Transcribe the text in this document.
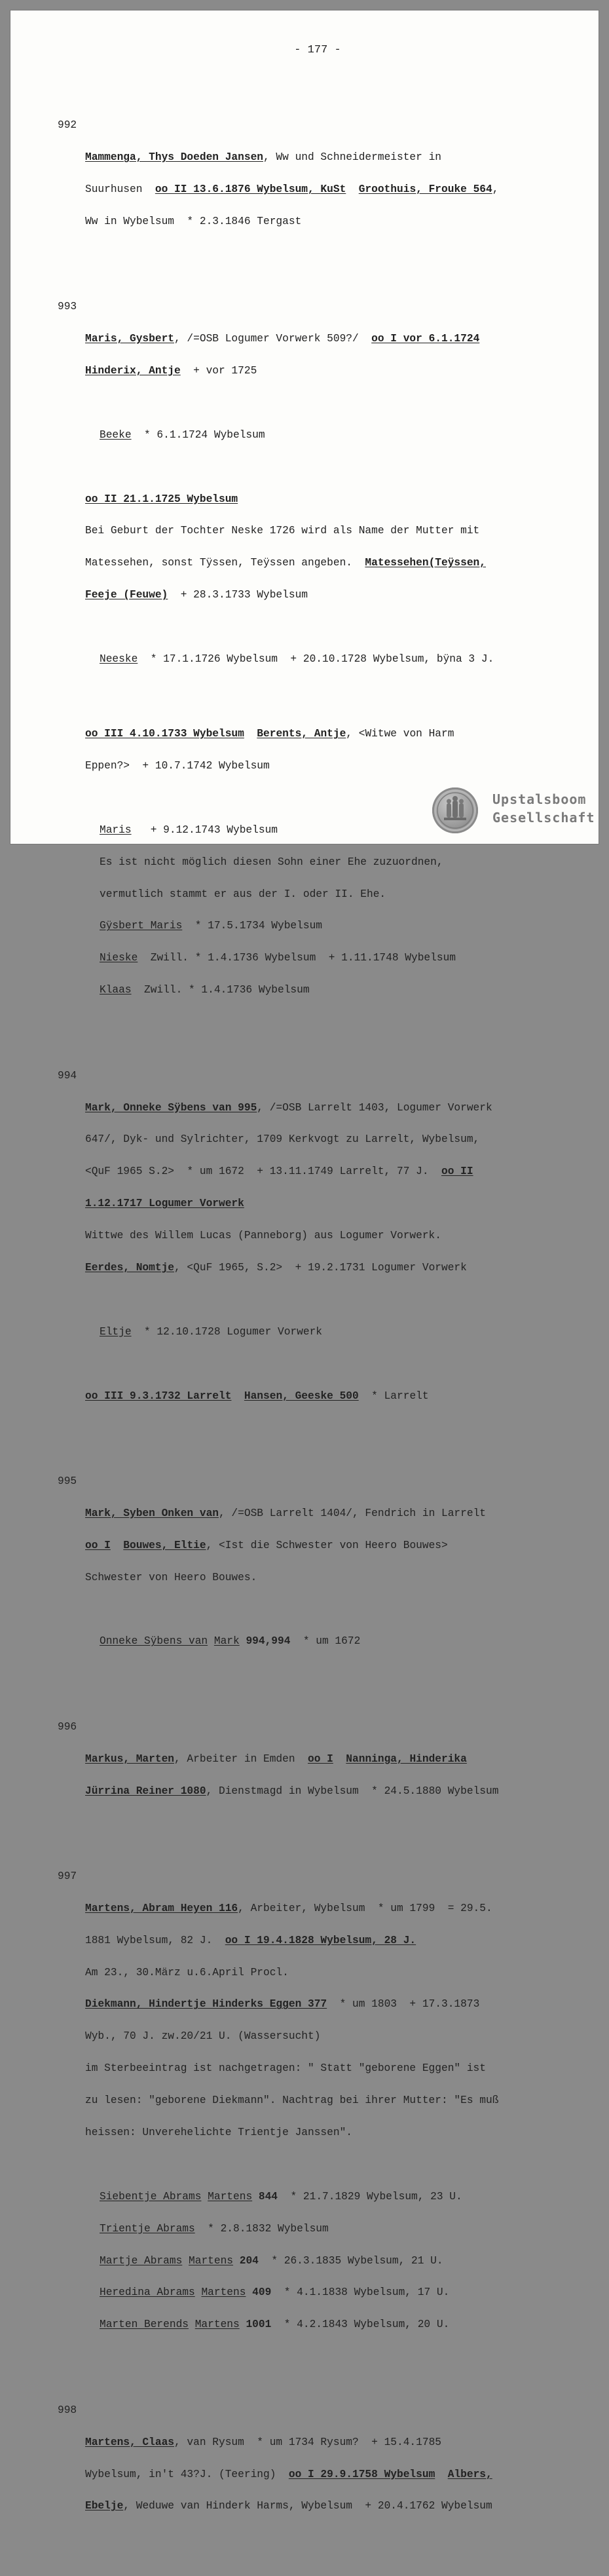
- 177 -

992

Mammenga, Thys Doeden Jansen, Ww und Schneidermeister in

Suurhusen  oo II 13.6.1876 Wybelsum, KuSt Groothuis, Frouke 564,

Ww in Wybelsum  * 2.3.1846 Tergast

993

Maris, Gysbert, /=OSB Logumer Vorwerk 509?/  oo I vor 6.1.1724

Hinderix, Antje  + vor 1725

Beeke  * 6.1.1724 Wybelsum

oo II 21.1.1725 Wybelsum

Bei Geburt der Tochter Neske 1726 wird als Name der Mutter mit

Matessehen, sonst Tÿssen, Teÿssen angeben.  Matessehen(Teÿssen,

Feeje (Feuwe)  + 28.3.1733 Wybelsum

Neeske  * 17.1.1726 Wybelsum  + 20.10.1728 Wybelsum, bÿna 3 J.

oo III 4.10.1733 Wybelsum Berents, Antje, <Witwe von Harm

Eppen?>  + 10.7.1742 Wybelsum

Maris   + 9.12.1743 Wybelsum

Es ist nicht möglich diesen Sohn einer Ehe zuzuordnen,

vermutlich stammt er aus der I. oder II. Ehe.

Gÿsbert Maris  * 17.5.1734 Wybelsum

Nieske  Zwill. * 1.4.1736 Wybelsum  + 1.11.1748 Wybelsum

Klaas  Zwill. * 1.4.1736 Wybelsum

994

Mark, Onneke Sÿbens van 995, /=OSB Larrelt 1403, Logumer Vorwerk

647/, Dyk- und Sylrichter, 1709 Kerkvogt zu Larrelt, Wybelsum,

<QuF 1965 S.2>  * um 1672  + 13.11.1749 Larrelt, 77 J.  oo II

1.12.1717 Logumer Vorwerk

Wittwe des Willem Lucas (Panneborg) aus Logumer Vorwerk.

Eerdes, Nomtje, <QuF 1965, S.2>  + 19.2.1731 Logumer Vorwerk

Eltje  * 12.10.1728 Logumer Vorwerk

oo III 9.3.1732 Larrelt Hansen, Geeske 500  * Larrelt

995

Mark, Syben Onken van, /=OSB Larrelt 1404/, Fendrich in Larrelt

oo I Bouwes, Eltie, <Ist die Schwester von Heero Bouwes>

Schwester von Heero Bouwes.

Onneke Sÿbens van Mark 994,994  * um 1672

996

Markus, Marten, Arbeiter in Emden  oo I Nanninga, Hinderika

Jürrina Reiner 1080, Dienstmagd in Wybelsum  * 24.5.1880 Wybelsum

997

Martens, Abram Heyen 116, Arbeiter, Wybelsum  * um 1799  = 29.5.

1881 Wybelsum, 82 J.  oo I 19.4.1828 Wybelsum, 28 J.

Am 23., 30.März u.6.April Procl.

Diekmann, Hindertje Hinderks Eggen 377  * um 1803  + 17.3.1873

Wyb., 70 J. zw.20/21 U. (Wassersucht)

im Sterbeeintrag ist nachgetragen: " Statt "geborene Eggen" ist

zu lesen: "geborene Diekmann". Nachtrag bei ihrer Mutter: "Es muß

heissen: Unverehelichte Trientje Janssen".

Siebentje Abrams Martens 844  * 21.7.1829 Wybelsum, 23 U.

Trientje Abrams  * 2.8.1832 Wybelsum

Martje Abrams Martens 204  * 26.3.1835 Wybelsum, 21 U.

Heredina Abrams Martens 409  * 4.1.1838 Wybelsum, 17 U.

Marten Berends Martens 1001  * 4.2.1843 Wybelsum, 20 U.

998

Martens, Claas, van Rysum  * um 1734 Rysum?  + 15.4.1785

Wybelsum, in't 43?J. (Teering)  oo I 29.9.1758 Wybelsum Albers,

Ebelje, Weduwe van Hinderk Harms, Wybelsum  + 20.4.1762 Wybelsum

Upstalsboom
Gesellschaft
